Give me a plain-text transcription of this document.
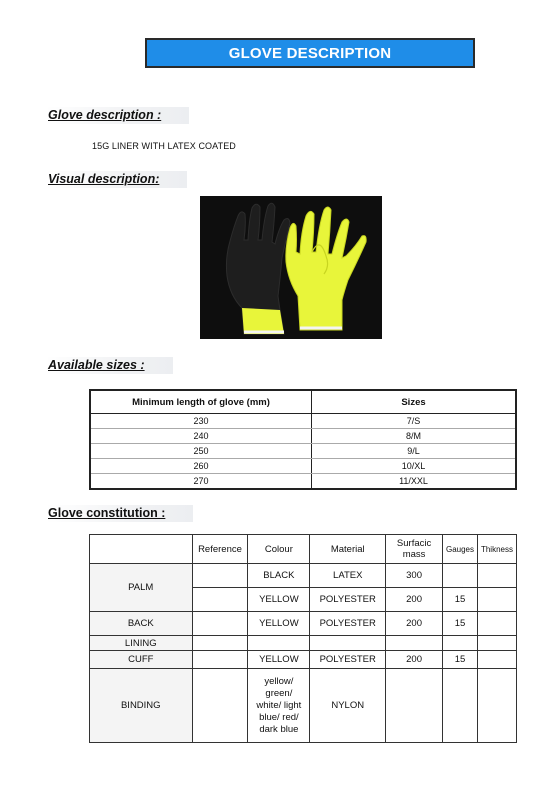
GLOVE DESCRIPTION
Glove description :
15G LINER WITH LATEX COATED
Visual description:
Available sizes :
Minimum length of glove (mm)	Sizes
230	7/S
240	8/M
250	9/L
260	10/XL
270	11/XXL
Glove constitution :
	Reference	Colour	Material	Surfacic mass	Gauges	Thikness
PALM		BLACK	LATEX	300		
		YELLOW	POLYESTER	200	15	
BACK		YELLOW	POLYESTER	200	15	
LINING						
CUFF		YELLOW	POLYESTER	200	15	
BINDING		yellow/
green/
white/ light
blue/ red/
dark blue	NYLON			
